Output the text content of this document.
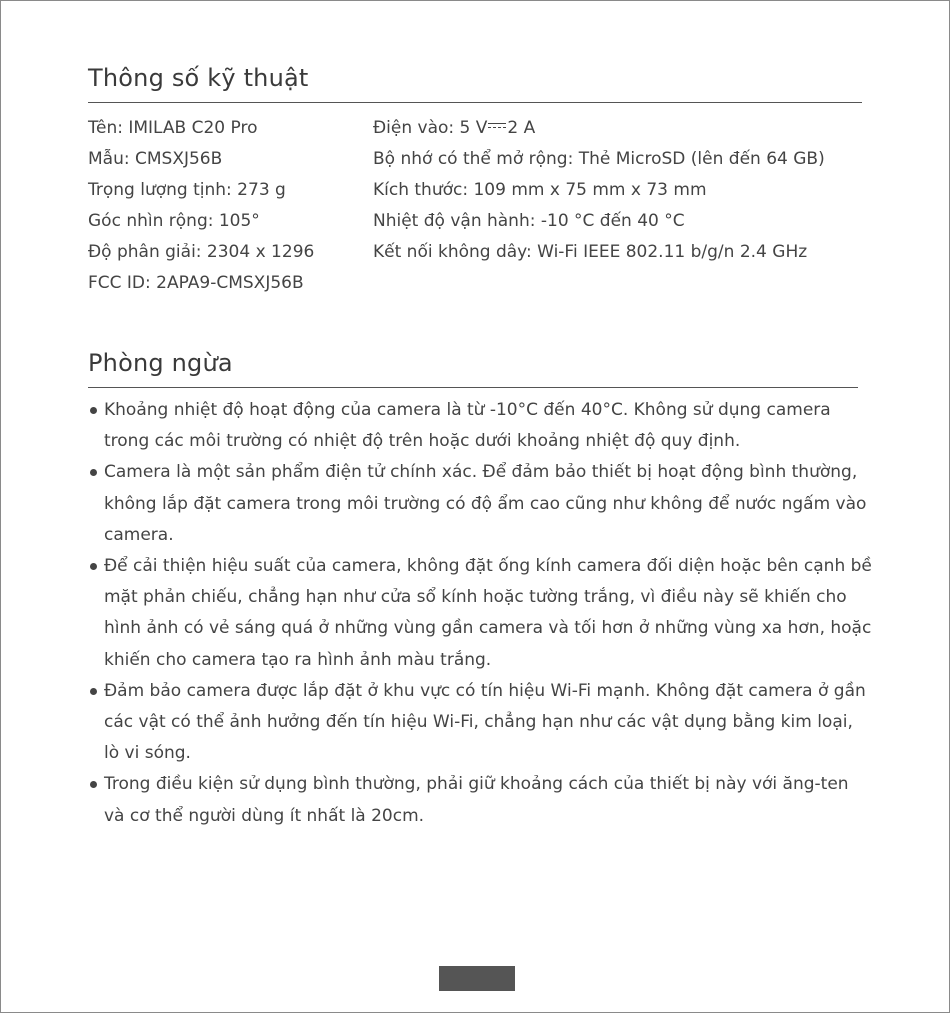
Thông số kỹ thuật
Tên: IMILAB C20 Pro
Mẫu: CMSXJ56B
Trọng lượng tịnh: 273 g
Góc nhìn rộng: 105°
Độ phân giải: 2304 x 1296
FCC ID: 2APA9-CMSXJ56B
Điện vào: 5 V 2 A
Bộ nhớ có thể mở rộng: Thẻ MicroSD (lên đến 64 GB)
Kích thước: 109 mm x 75 mm x 73 mm
Nhiệt độ vận hành: -10 °C đến 40 °C
Kết nối không dây: Wi-Fi IEEE 802.11 b/g/n 2.4 GHz
Phòng ngừa
Khoảng nhiệt độ hoạt động của camera là từ -10°C đến 40°C. Không sử dụng camera trong các môi trường có nhiệt độ trên hoặc dưới khoảng nhiệt độ quy định.
Camera là một sản phẩm điện tử chính xác. Để đảm bảo thiết bị hoạt động bình thường, không lắp đặt camera trong môi trường có độ ẩm cao cũng như không để nước ngấm vào camera.
Để cải thiện hiệu suất của camera, không đặt ống kính camera đối diện hoặc bên cạnh bề mặt phản chiếu, chẳng hạn như cửa sổ kính hoặc tường trắng, vì điều này sẽ khiến cho hình ảnh có vẻ sáng quá ở những vùng gần camera và tối hơn ở những vùng xa hơn, hoặc khiến cho camera tạo ra hình ảnh màu trắng.
Đảm bảo camera được lắp đặt ở khu vực có tín hiệu Wi-Fi mạnh. Không đặt camera ở gần các vật có thể ảnh hưởng đến tín hiệu Wi-Fi, chẳng hạn như các vật dụng bằng kim loại, lò vi sóng.
Trong điều kiện sử dụng bình thường, phải giữ khoảng cách của thiết bị này với ăng-ten và cơ thể người dùng ít nhất là 20cm.
